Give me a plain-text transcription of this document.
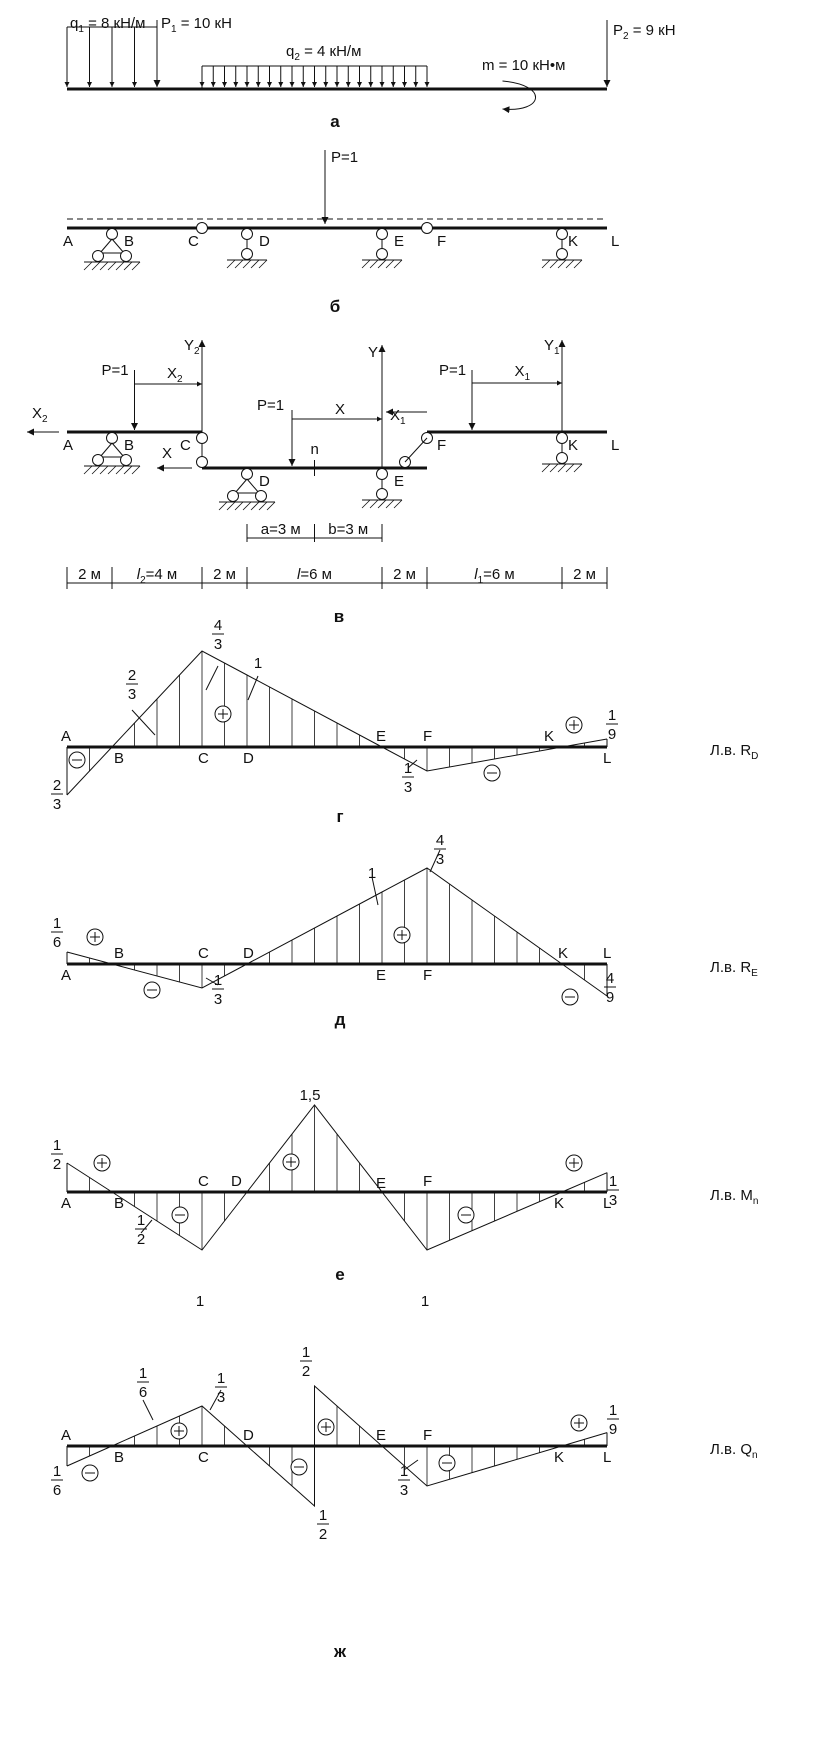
$q_1 = 8$ кН/м $P_1 = 10$ кН
$q_2 = 4$ кН/м
m = 10 кН•м
$P_2 = 9$ кН
а
P=1
A	B	C	D	E F	K L
б
P=1
P=1
P=1
$Y_2$	Y	$Y_1$
$X_2$
X
$X_1$
$X_2$
X
$X_1$
n
A	B	C
D	E
F	K L
a=3 м b=3 м
2 м $l_2=4$ м 2 м	l=6 м	2 м	$l_1=6$ м	2 м
в
Л.в. $R_D$
Л.в. $R_E$
Л.в. $M_n$
Л.в. $Q_n$
A
B	C D
E F	K
L
г
A
B	C D
E F
K L
д
A	B
C D	E F
K	L
е
A
B	C
D	E F
K	L
ж
2
3
2
3
4
3
1
1
3
1
9
1
6
1
3
1
4
3
4
9
1
2
1
2
1
1,5
1
1
3
1
6
1
6
1
3
1
2
1
2
1
3
1
9
